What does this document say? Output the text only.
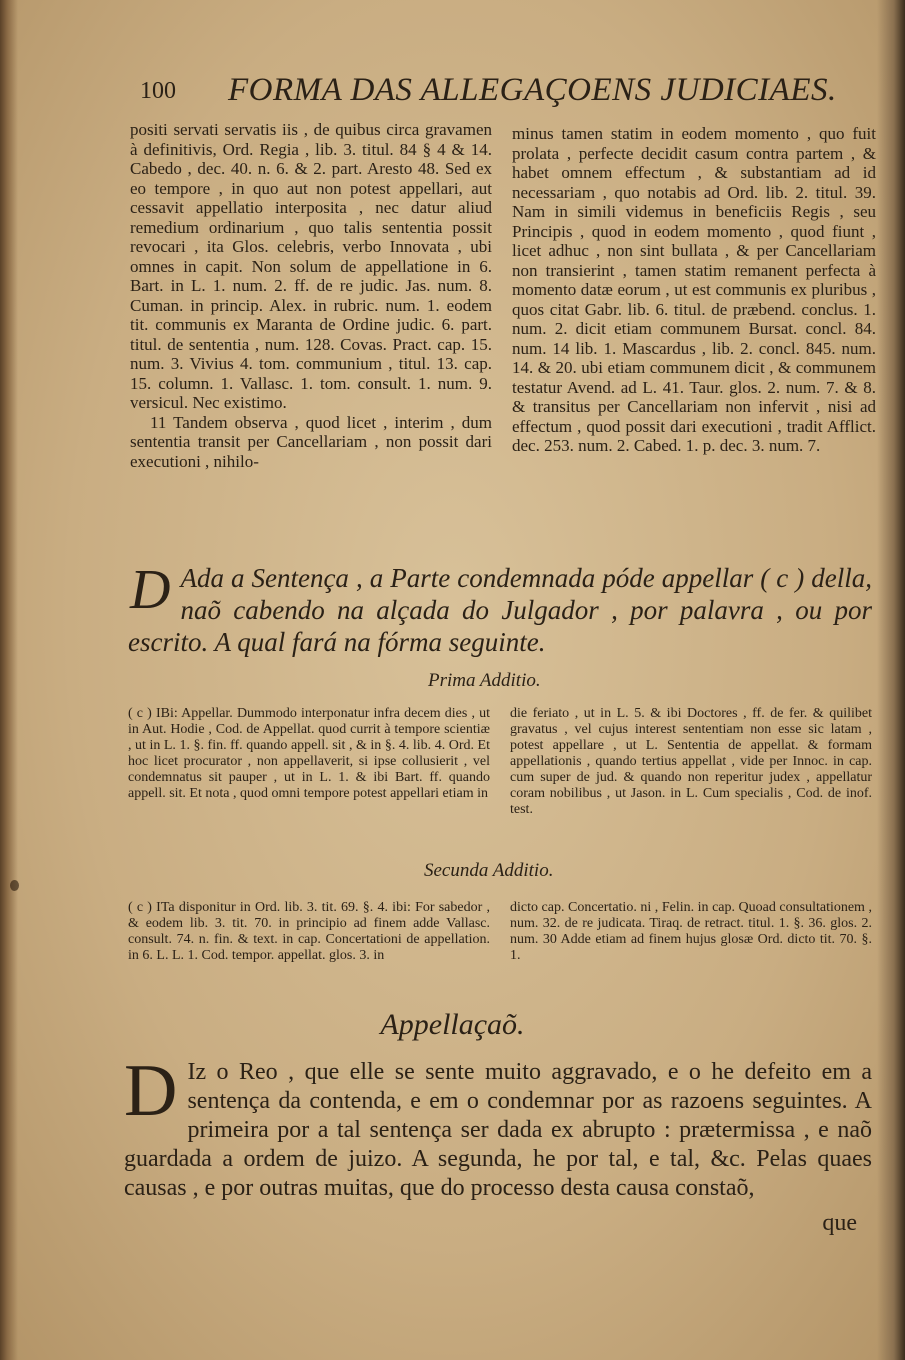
100 FORMA DAS ALLEGAÇOENS JUDICIAES.

positi servati servatis iis , de quibus circa gravamen à definitivis, Ord. Regia , lib. 3. titul. 84 § 4 & 14. Cabedo , dec. 40. n. 6. & 2. part. Aresto 48. Sed ex eo tempore , in quo aut non potest appellari, aut cessavit appellatio interposita , nec datur aliud remedium ordinarium , quo talis sententia possit revocari , ita Glos. celebris, verbo Innovata , ubi omnes in capit. Non solum de appellatione in 6. Bart. in L. 1. num. 2. ff. de re judic. Jas. num. 8. Cuman. in princip. Alex. in rubric. num. 1. eodem tit. communis ex Maranta de Ordine judic. 6. part. titul. de sententia , num. 128. Covas. Pract. cap. 15. num. 3. Vivius 4. tom. communium , titul. 13. cap. 15. column. 1. Vallasc. 1. tom. consult. 1. num. 9. versicul. Nec existimo.

11 Tandem observa , quod licet , interim , dum sententia transit per Cancellariam , non possit dari executioni , nihilo-

minus tamen statim in eodem momento , quo fuit prolata , perfecte decidit casum contra partem , & habet omnem effectum , & substantiam ad id necessariam , quo notabis ad Ord. lib. 2. titul. 39. Nam in simili videmus in beneficiis Regis , seu Principis , quod in eodem momento , quod fiunt , licet adhuc , non sint bullata , & per Cancellariam non transierint , tamen statim remanent perfecta à momento datæ eorum , ut est communis ex pluribus , quos citat Gabr. lib. 6. titul. de præbend. conclus. 1. num. 2. dicit etiam communem Bursat. concl. 84. num. 14 lib. 1. Mascardus , lib. 2. concl. 845. num. 14. & 20. ubi etiam communem dicit , & communem testatur Avend. ad L. 41. Taur. glos. 2. num. 7. & 8. & transitus per Cancellariam non infervit , nisi ad effectum , quod possit dari executioni , tradit Afflict. dec. 253. num. 2. Cabed. 1. p. dec. 3. num. 7.

D Ada a Sentença , a Parte condemnada póde appellar ( c ) della, naõ cabendo na alçada do Julgador , por palavra , ou por escrito. A qual fará na fórma seguinte.
Prima Additio.
( c ) IBi: Appellar. Dummodo interponatur infra decem dies , ut in Aut. Hodie , Cod. de Appellat. quod currit à tempore scientiæ , ut in L. 1. §. fin. ff. quando appell. sit , & in §. 4. lib. 4. Ord. Et hoc licet procurator , non appellaverit, si ipse collusierit , vel condemnatus sit pauper , ut in L. 1. & ibi Bart. ff. quando appell. sit. Et nota , quod omni tempore potest appellari etiam in
die feriato , ut in L. 5. & ibi Doctores , ff. de fer. & quilibet gravatus , vel cujus interest sententiam non esse sic latam , potest appellare , ut L. Sententia de appellat. & formam appellationis , quando tertius appellat , vide per Innoc. in cap. cum super de jud. & quando non reperitur judex , appellatur coram nobilibus , ut Jason. in L. Cum specialis , Cod. de inof. test.
Secunda Additio.
( c ) ITa disponitur in Ord. lib. 3. tit. 69. §. 4. ibi: For sabedor , & eodem lib. 3. tit. 70. in principio ad finem adde Vallasc. consult. 74. n. fin. & text. in cap. Concertationi de appellation. in 6. L. L. 1. Cod. tempor. appellat. glos. 3. in
dicto cap. Concertatio. ni , Felin. in cap. Quoad consultationem , num. 32. de re judicata. Tiraq. de retract. titul. 1. §. 36. glos. 2. num. 30 Adde etiam ad finem hujus glosæ Ord. dicto tit. 70. §. 1.
Appellaçaõ.
D Iz o Reo , que elle se sente muito aggravado, e o he defeito em a sentença da contenda, e em o condemnar por as razoens seguintes. A primeira por a tal sentença ser dada ex abrupto : prætermissa , e naõ guardada a ordem de juizo. A segunda, he por tal, e tal, &c. Pelas quaes causas , e por outras muitas, que do processo desta causa constaõ,
que
